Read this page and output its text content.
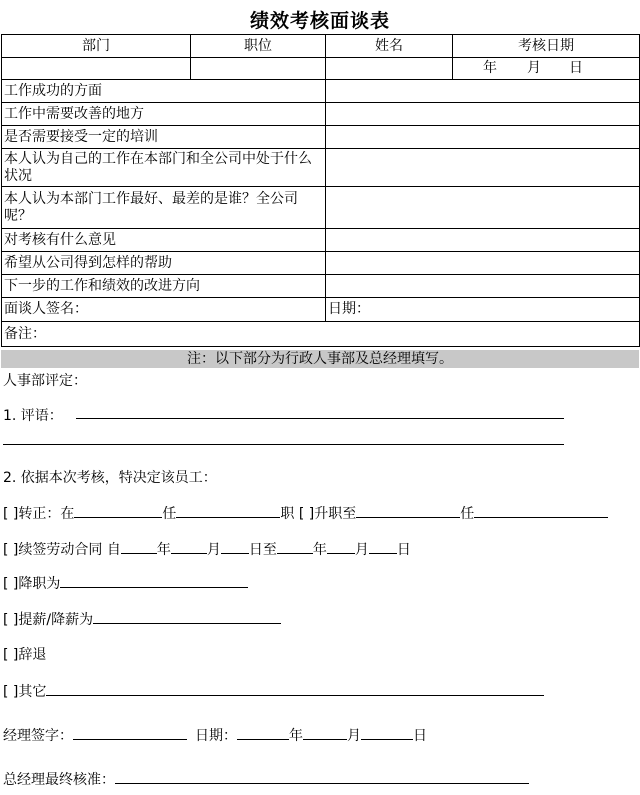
绩效考核面谈表
部门	职位	姓名	考核日期
			年 月 日
工作成功的方面			
工作中需要改善的地方			
是否需要接受一定的培训			
本人认为自己的工作在本部门和全公司中处于什么状况			
本人认为本部门工作最好、最差的是谁？全公司呢？			
对考核有什么意见			
希望从公司得到怎样的帮助			
下一步的工作和绩效的改进方向			
面谈人签名：		日期：	
备注：			
注：以下部分为行政人事部及总经理填写。
人事部评定：
1. 评语：
2. 依据本次考核，特决定该员工：
[ ]转正：在	任	职 [ ]升职至	任
[ ]续签劳动合同 自	年	月 日至	年 月 日
[ ]降职为
[ ]提薪/降薪为
[ ]辞退
[ ]其它
经理签字：	日期：	年	月	日
总经理最终核准：
